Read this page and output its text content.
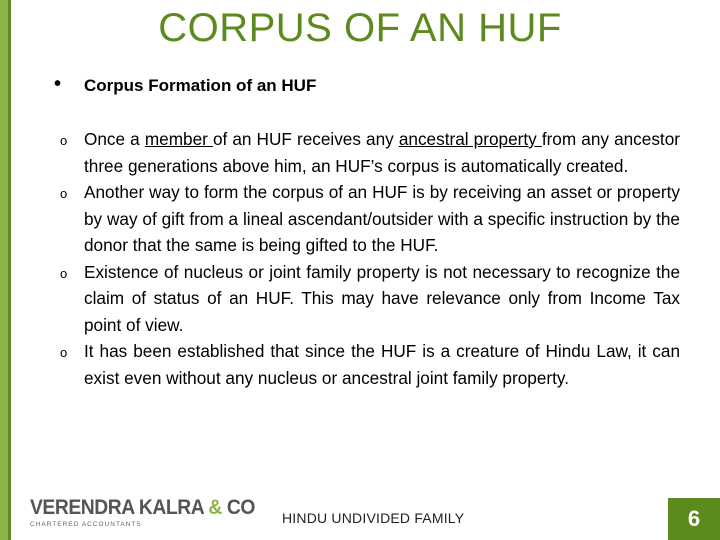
CORPUS OF AN HUF
• Corpus Formation of an HUF
o Once a member of an HUF receives any ancestral property from any ancestor three generations above him, an HUF’s corpus is automatically created.
o Another way to form the corpus of an HUF is by receiving an asset or property by way of gift from a lineal ascendant/outsider with a specific instruction by the donor that the same is being gifted to the HUF.
o Existence of nucleus or joint family property is not necessary to recognize the claim of status of an HUF. This may have relevance only from Income Tax point of view.
o It has been established that since the HUF is a creature of Hindu Law, it can exist even without any nucleus or ancestral joint family property.
VERENDRA KALRA & CO
CHARTERED ACCOUNTANTS	HINDU UNDIVIDED FAMILY	6
